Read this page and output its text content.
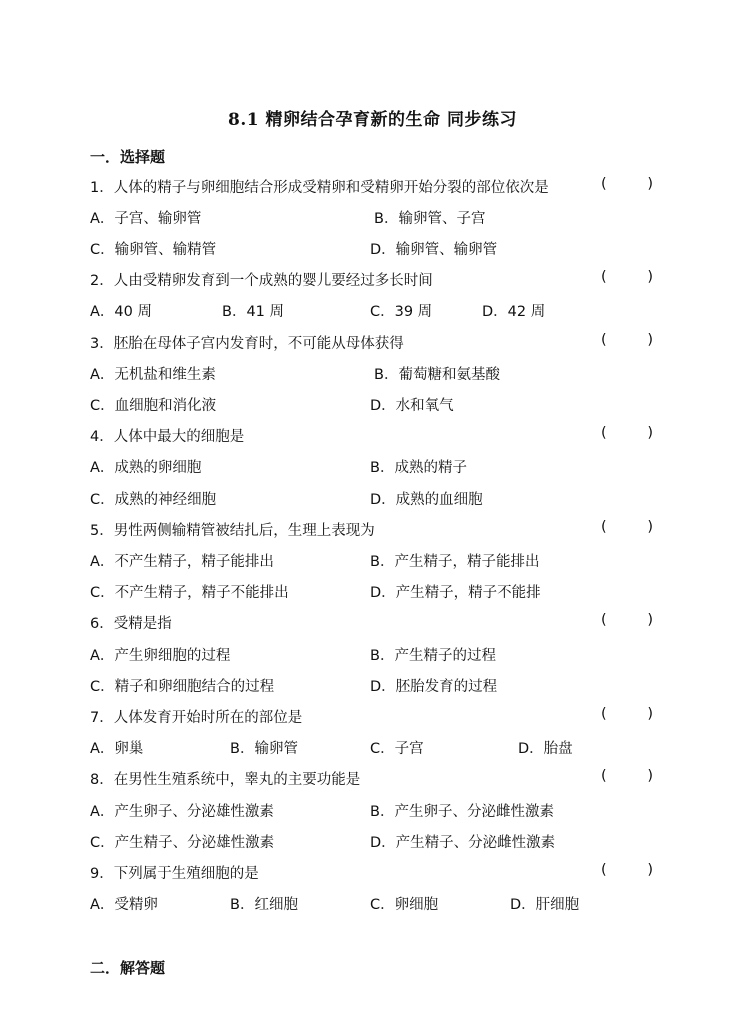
8.1 精卵结合孕育新的生命 同步练习
一．选择题
1．人体的精子与卵细胞结合形成受精卵和受精卵开始分裂的部位依次是	(	)
A．子宫、输卵管	B．输卵管、子宫
C．输卵管、输精管	D．输卵管、输卵管
2．人由受精卵发育到一个成熟的婴儿要经过多长时间	(	)
A．40 周	B．41 周	C．39 周	D．42 周
3．胚胎在母体子宫内发育时，不可能从母体获得	(	)
A．无机盐和维生素	B．葡萄糖和氨基酸
C．血细胞和消化液	D．水和氧气
4．人体中最大的细胞是	(	)
A．成熟的卵细胞	B．成熟的精子
C．成熟的神经细胞	D．成熟的血细胞
5．男性两侧输精管被结扎后，生理上表现为	(	)
A．不产生精子，精子能排出	B．产生精子，精子能排出
C．不产生精子，精子不能排出	D．产生精子，精子不能排
6．受精是指	(	)
A．产生卵细胞的过程	B．产生精子的过程
C．精子和卵细胞结合的过程	D．胚胎发育的过程
7．人体发育开始时所在的部位是	(	)
A．卵巢	B．输卵管	C．子宫	D．胎盘
8．在男性生殖系统中，睾丸的主要功能是	(	)
A．产生卵子、分泌雄性激素	B．产生卵子、分泌雌性激素
C．产生精子、分泌雄性激素	D．产生精子、分泌雌性激素
9．下列属于生殖细胞的是	(	)
A．受精卵	B．红细胞	C．卵细胞	D．肝细胞
二．解答题
